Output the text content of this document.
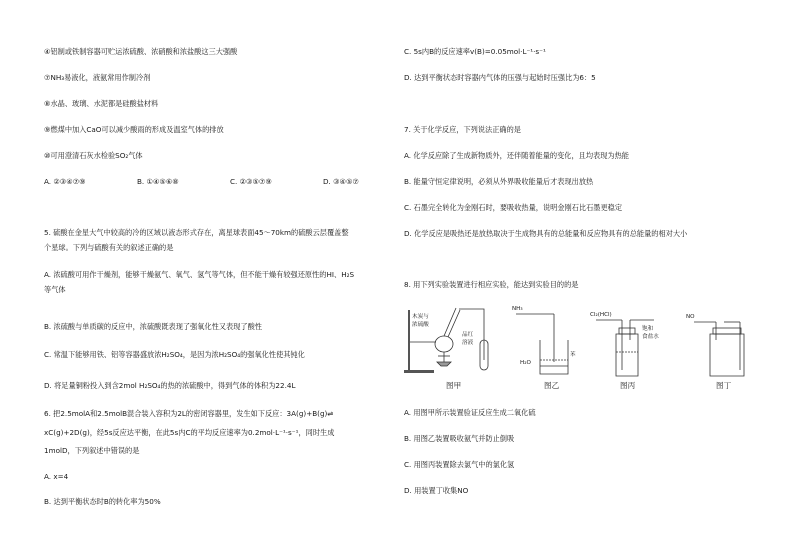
④铝制或铁制容器可贮运浓硫酸、浓硝酸和浓盐酸这三大强酸
⑦NH₃易液化，液氨常用作制冷剂
⑧水晶、玻璃、水泥都是硅酸盐材料
⑨燃煤中加入CaO可以减少酸雨的形成及温室气体的排放
⑩可用澄清石灰水检验SO₂气体
A. ②③④⑦⑨	B. ①④⑤⑥⑧	C. ②③⑤⑦⑨	D. ③④⑤⑦
5. 硫酸在金星大气中较高的冷的区域以液态形式存在，离星球表面45～70km的硫酸云层覆盖整
个星球。下列与硫酸有关的叙述正确的是
A. 浓硫酸可用作干燥剂，能够干燥氨气、氧气、氢气等气体，但不能干燥有较强还原性的HI、H₂S
等气体
B. 浓硫酸与单质碳的反应中，浓硫酸既表现了强氧化性又表现了酸性
C. 常温下能够用铁、铝等容器盛放浓H₂SO₄，是因为浓H₂SO₄的强氧化性使其钝化
D. 将足量铜粉投入到含2mol H₂SO₄的热的浓硫酸中，得到气体的体积为22.4L
6. 把2.5molA和2.5molB混合装入容积为2L的密闭容器里，发生如下反应：3A(g)+B(g)⇌
xC(g)+2D(g)，经5s反应达平衡，在此5s内C的平均反应速率为0.2mol·L⁻¹·s⁻¹，同时生成
1molD，下列叙述中错误的是
A. x=4
B. 达到平衡状态时B的转化率为50%
C. 5s内B的反应速率v(B)=0.05mol·L⁻¹·s⁻¹
D. 达到平衡状态时容器内气体的压强与起始时压强比为6：5
7. 关于化学反应，下列说法正确的是
A. 化学反应除了生成新物质外，还伴随着能量的变化，且均表现为热能
B. 能量守恒定律说明，必须从外界吸收能量后才表现出放热
C. 石墨完全转化为金刚石时，要吸收热量，说明金刚石比石墨更稳定
D. 化学反应是吸热还是放热取决于生成物具有的总能量和反应物具有的总能量的相对大小
8. 用下列实验装置进行相应实验，能达到实验目的的是
A. 用图甲所示装置验证反应生成二氧化硫
B. 用图乙装置吸收氨气并防止倒吸
C. 用图丙装置除去氯气中的氯化氢
D. 用装置丁收集NO
木炭与
浓硫酸
品红
溶液
NH₃
苯
H₂O
Cl₂(HCl)
饱和
食盐水
NO
图甲	图乙	图丙	图丁
